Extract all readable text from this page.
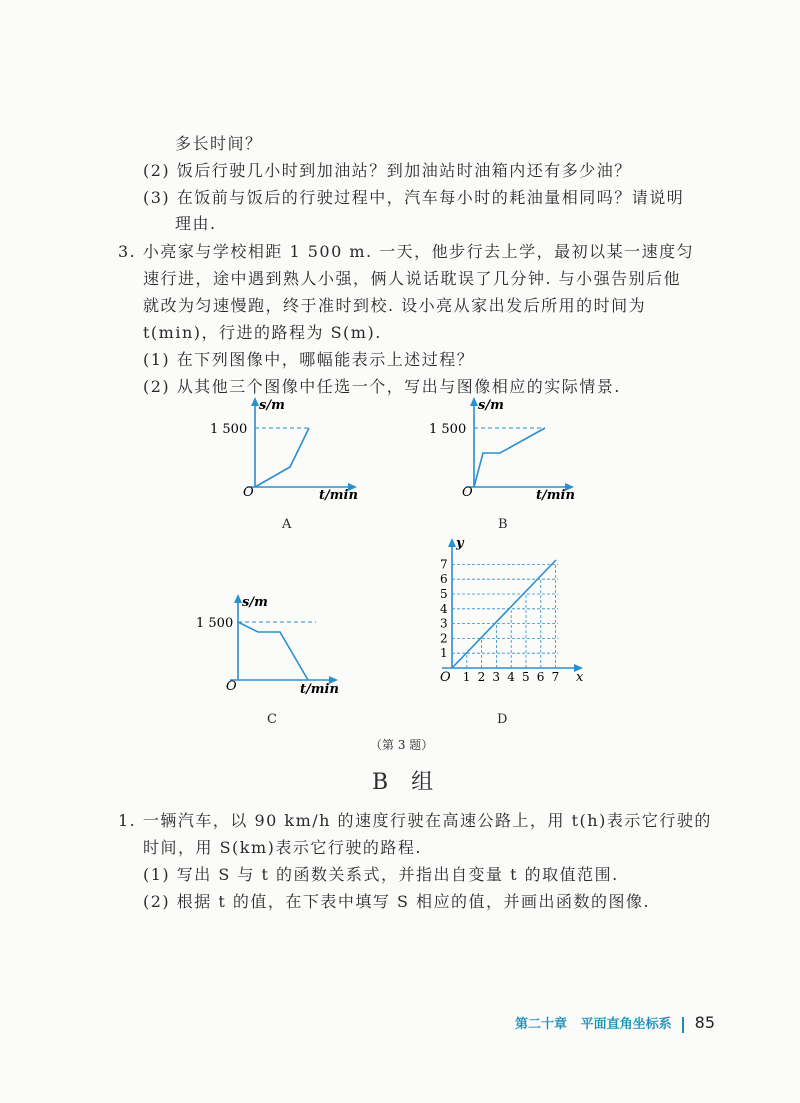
多长时间？
(2) 饭后行驶几小时到加油站？到加油站时油箱内还有多少油？
(3) 在饭前与饭后的行驶过程中，汽车每小时的耗油量相同吗？请说明
理由.
3. 小亮家与学校相距 1 500 m. 一天，他步行去上学，最初以某一速度匀
速行进，途中遇到熟人小强，俩人说话耽误了几分钟. 与小强告别后他
就改为匀速慢跑，终于准时到校. 设小亮从家出发后所用的时间为
t(min)，行进的路程为 S(m).
(1) 在下列图像中，哪幅能表示上述过程？
(2) 从其他三个图像中任选一个，写出与图像相应的实际情景.
s/m
1 500
O	t/min
A
s/m
1 500
O	t/min
B
s/m
1 500
O	t/min
C
y
O	x
1
1
2
2
3
3
4
4
5
5
6
6
7
7
D
（第 3 题）
B 组
1. 一辆汽车，以 90 km/h 的速度行驶在高速公路上，用 t(h)表示它行驶的
时间，用 S(km)表示它行驶的路程.
(1) 写出 S 与 t 的函数关系式，并指出自变量 t 的取值范围.
(2) 根据 t 的值，在下表中填写 S 相应的值，并画出函数的图像.
第二十章 平面直角坐标系 85
